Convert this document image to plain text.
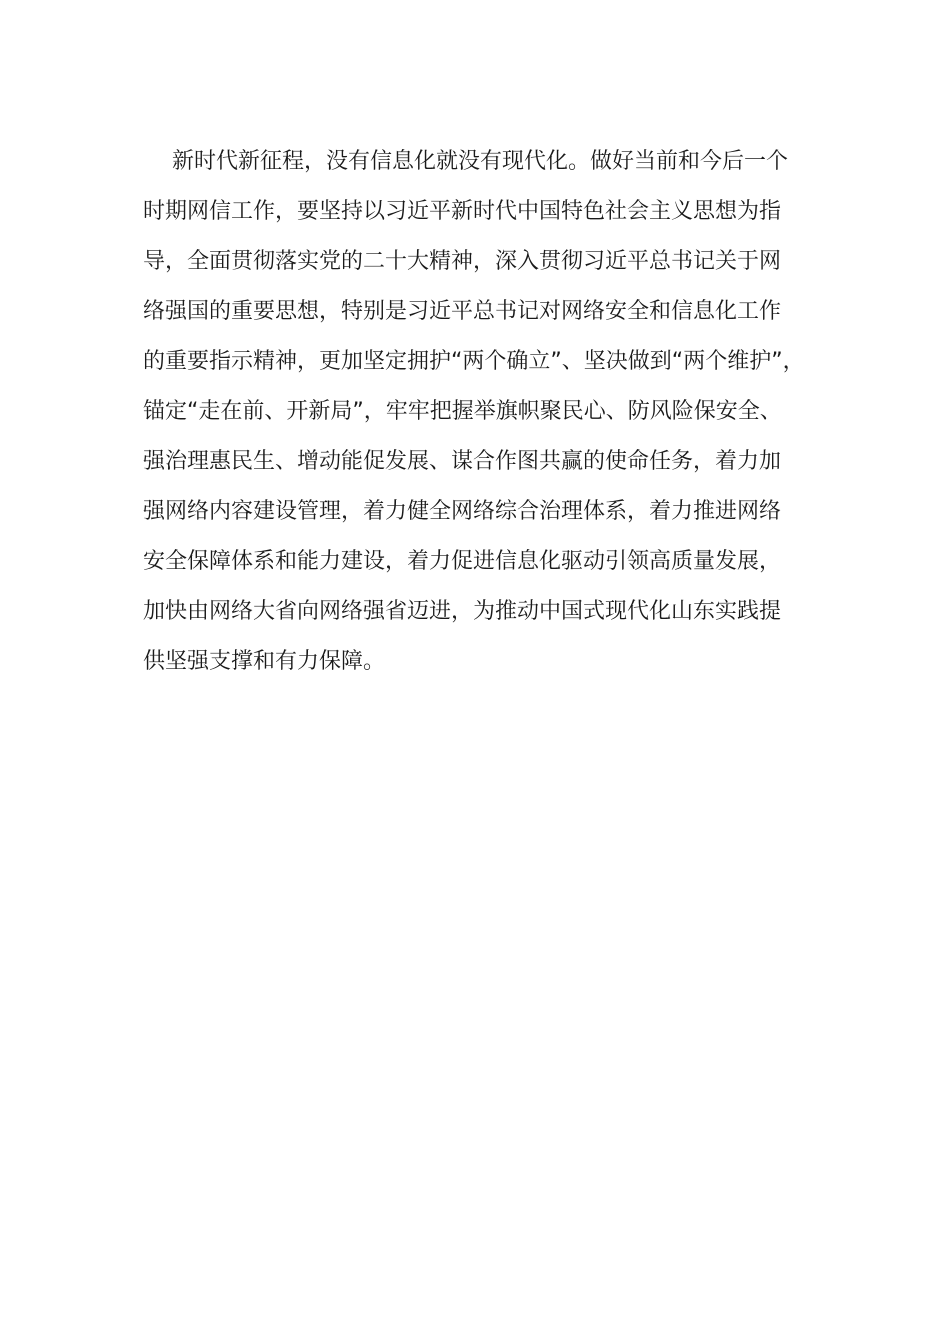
　 新时代新征程，没有信息化就没有现代化。做好当前和今后一个
时期网信工作，要坚持以习近平新时代中国特色社会主义思想为指
导，全面贯彻落实党的二十大精神，深入贯彻习近平总书记关于网
络强国的重要思想，特别是习近平总书记对网络安全和信息化工作
的重要指示精神，更加坚定拥护“两个确立”、坚决做到“两个维护”，
锚定“走在前、开新局”，牢牢把握举旗帜聚民心、防风险保安全、
强治理惠民生、增动能促发展、谋合作图共赢的使命任务，着力加
强网络内容建设管理，着力健全网络综合治理体系，着力推进网络
安全保障体系和能力建设，着力促进信息化驱动引领高质量发展，
加快由网络大省向网络强省迈进，为推动中国式现代化山东实践提
供坚强支撑和有力保障。
